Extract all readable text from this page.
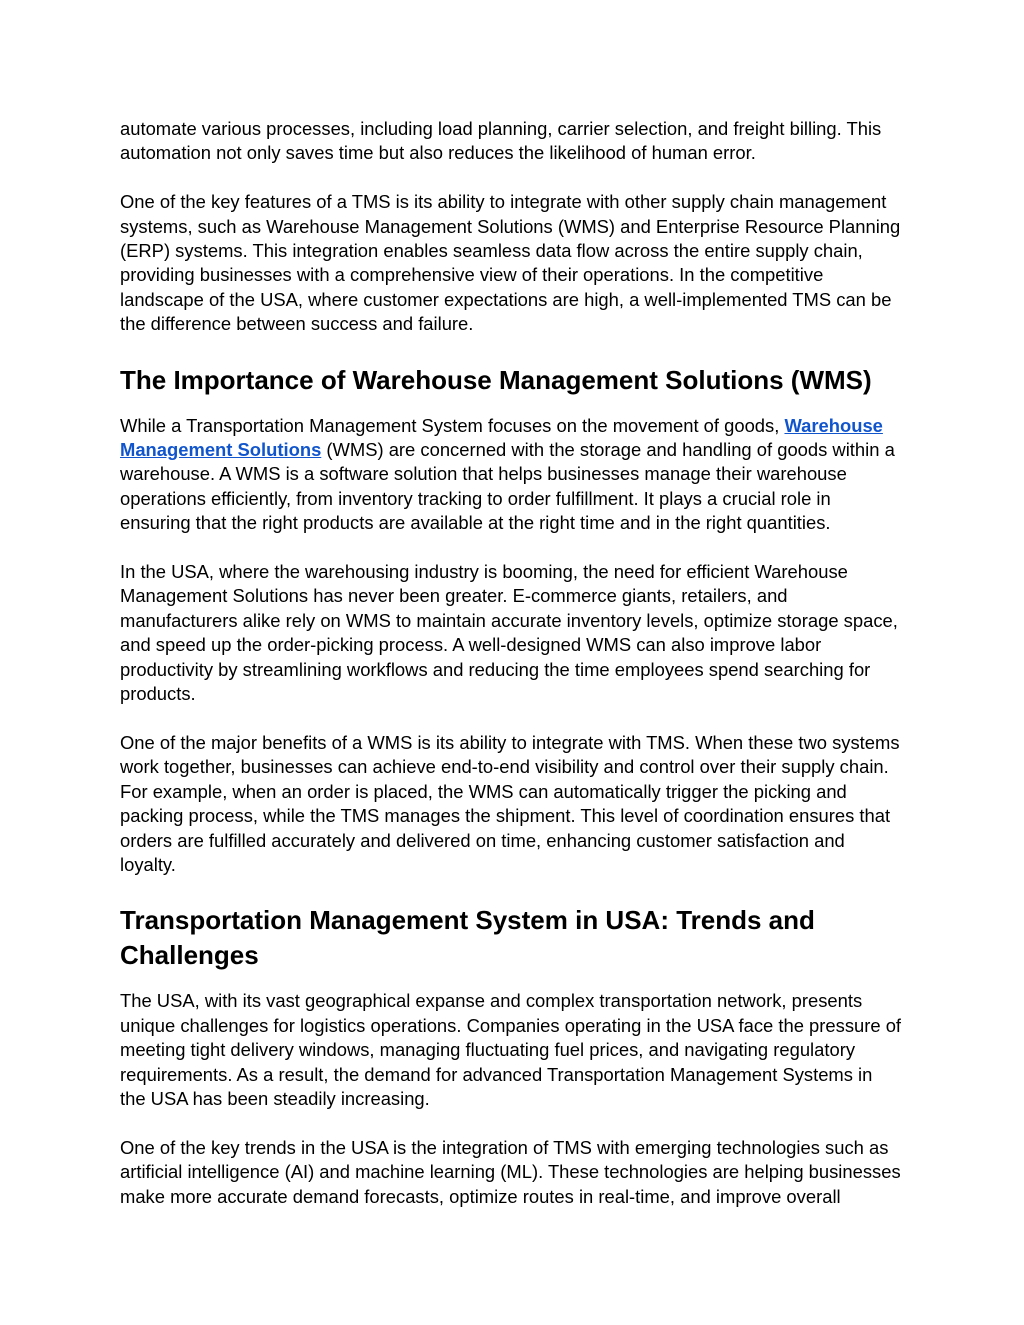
automate various processes, including load planning, carrier selection, and freight billing. This automation not only saves time but also reduces the likelihood of human error.

One of the key features of a TMS is its ability to integrate with other supply chain management systems, such as Warehouse Management Solutions (WMS) and Enterprise Resource Planning (ERP) systems. This integration enables seamless data flow across the entire supply chain, providing businesses with a comprehensive view of their operations. In the competitive landscape of the USA, where customer expectations are high, a well-implemented TMS can be the difference between success and failure.

The Importance of Warehouse Management Solutions (WMS)

While a Transportation Management System focuses on the movement of goods, Warehouse Management Solutions (WMS) are concerned with the storage and handling of goods within a warehouse. A WMS is a software solution that helps businesses manage their warehouse operations efficiently, from inventory tracking to order fulfillment. It plays a crucial role in ensuring that the right products are available at the right time and in the right quantities.

In the USA, where the warehousing industry is booming, the need for efficient Warehouse Management Solutions has never been greater. E-commerce giants, retailers, and manufacturers alike rely on WMS to maintain accurate inventory levels, optimize storage space, and speed up the order-picking process. A well-designed WMS can also improve labor productivity by streamlining workflows and reducing the time employees spend searching for products.

One of the major benefits of a WMS is its ability to integrate with TMS. When these two systems work together, businesses can achieve end-to-end visibility and control over their supply chain. For example, when an order is placed, the WMS can automatically trigger the picking and packing process, while the TMS manages the shipment. This level of coordination ensures that orders are fulfilled accurately and delivered on time, enhancing customer satisfaction and loyalty.

Transportation Management System in USA: Trends and Challenges

The USA, with its vast geographical expanse and complex transportation network, presents unique challenges for logistics operations. Companies operating in the USA face the pressure of meeting tight delivery windows, managing fluctuating fuel prices, and navigating regulatory requirements. As a result, the demand for advanced Transportation Management Systems in the USA has been steadily increasing.

One of the key trends in the USA is the integration of TMS with emerging technologies such as artificial intelligence (AI) and machine learning (ML). These technologies are helping businesses make more accurate demand forecasts, optimize routes in real-time, and improve overall
